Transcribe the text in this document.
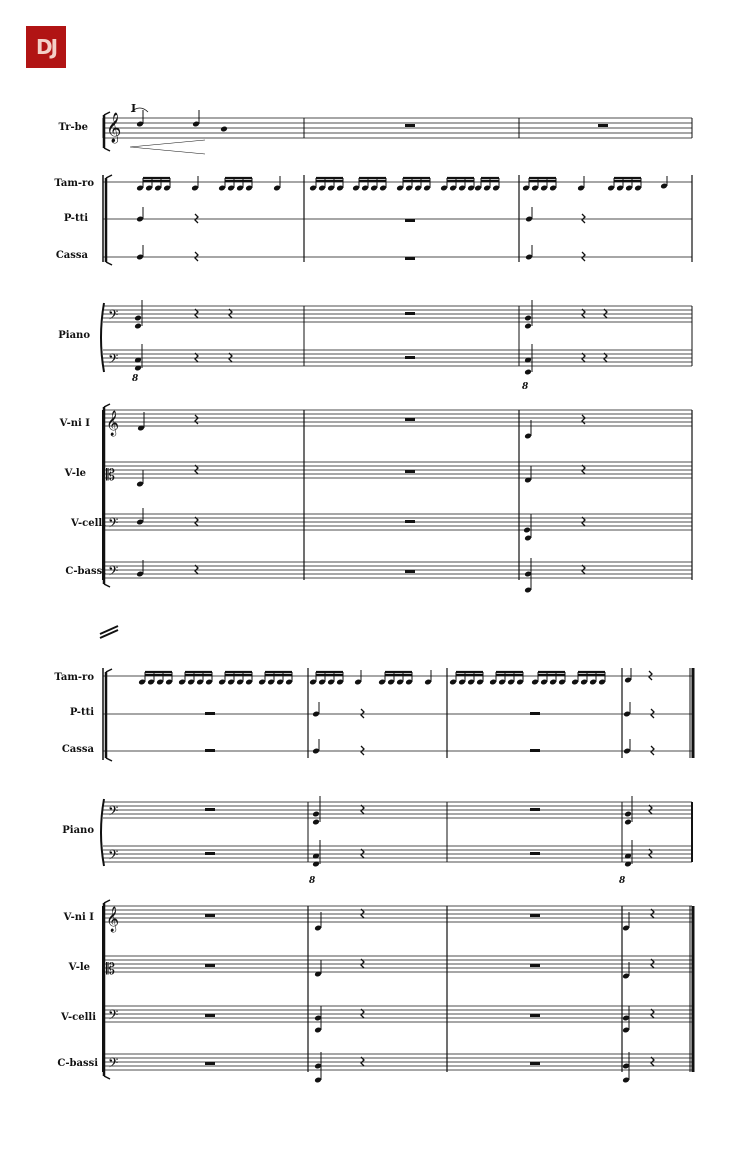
DJ
Tr-be
Tam-ro
P-tti
Cassa
Piano
V-ni I
V-le
V-celli
C-bassi
Tam-ro
P-tti
Cassa
Piano
V-ni I
V-le
V-celli
C-bassi
I
8
8
8	8
𝄞
𝄢
𝄢
𝄞
𝄡
𝄢
𝄢
𝄢
𝄢
𝄞
𝄡
𝄢
𝄢
